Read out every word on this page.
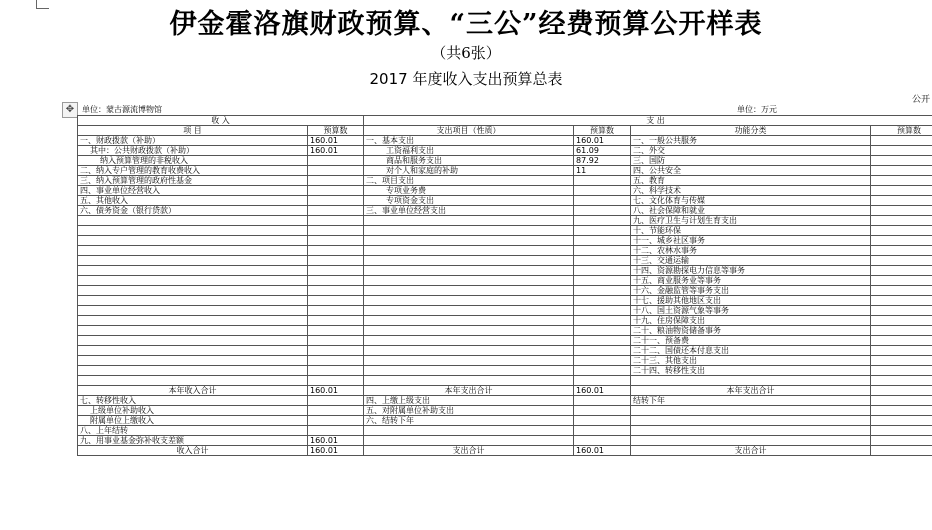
伊金霍洛旗财政预算、“三公”经费预算公开样表
（共6张）
2017 年度收入支出预算总表
公开
✥ 单位：蒙古源流博物馆	单位：万元
收 入		支 出			
项 目	预算数	支出项目（性质）	预算数	功能分类	预算数
一、财政拨款（补助）	160.01	一、基本支出	160.01	一、一般公共服务	
其中：公共财政拨款（补助）	160.01	工资福利支出	61.09	二、外交	
纳入预算管理的非税收入		商品和服务支出	87.92	三、国防	
二、纳入专户管理的教育收费收入		对个人和家庭的补助	11	四、公共安全	
三、纳入预算管理的政府性基金		二、项目支出		五、教育	
四、事业单位经营收入		专项业务费		六、科学技术	
五、其他收入		专项资金支出		七、文化体育与传媒	
六、债务资金（银行贷款）		三、事业单位经营支出		八、社会保障和就业	
				九、医疗卫生与计划生育支出	
				十、节能环保	
				十一、城乡社区事务	
				十二、农林水事务	
				十三、交通运输	
				十四、资源勘探电力信息等事务	
				十五、商业服务业等事务	
				十六、金融监管等事务支出	
				十七、援助其他地区支出	
				十八、国土资源气象等事务	
				十九、住房保障支出	
				二十、粮油物资储备事务	
				二十一、预备费	
				二十二、国债还本付息支出	
				二十三、其他支出	
				二十四、转移性支出	

本年收入合计	160.01	本年支出合计	160.01	本年支出合计	
七、转移性收入		四、上缴上级支出		结转下年	
上级单位补助收入		五、对附属单位补助支出			
附属单位上缴收入		六、结转下年			
八、上年结转					
九、用事业基金弥补收支差额	160.01				
收入合计	160.01	支出合计	160.01	支出合计	
